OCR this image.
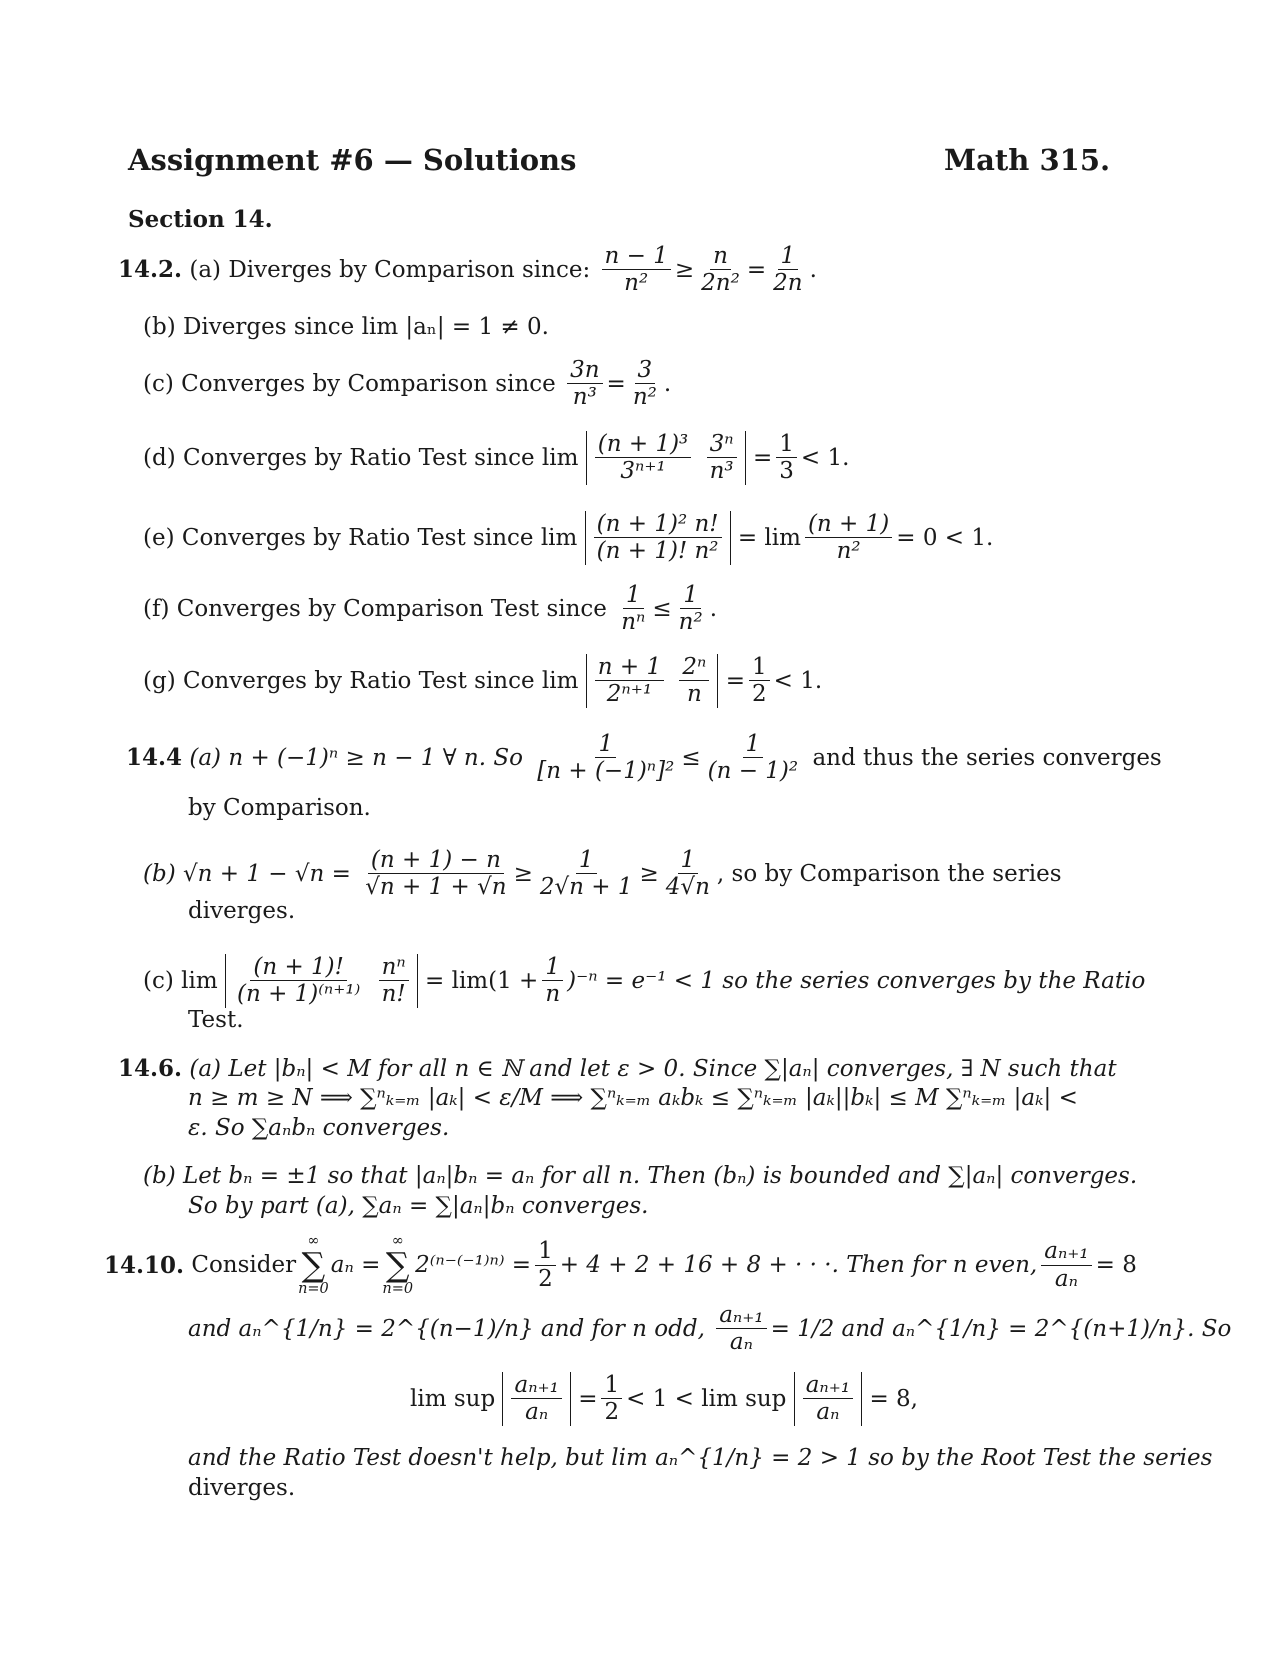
Assignment #6 — Solutions	Math 315.
Section 14.
14.2.
(a) Diverges by Comparison since:
$\frac{n - 1}{\text{n²}} \ge \frac{n}{\text{2n²}} = \frac{1}{2n}$ .
(b) Diverges since lim |aₙ| = 1 ≠ 0.
(c) Converges by Comparison since
$\frac{3n}{\text{n³}} = \frac{3}{\text{n²}}$ .
(d) Converges by Ratio Test since lim
$\frac{\text{(n + 1)³}}{\text{3ⁿ⁺¹}}$
$\frac{\text{3ⁿ}}{\text{n³}}$
= $\frac{1}{3} < 1$.
(e) Converges by Ratio Test since lim
$\frac{\text{(n + 1)² n!}}{\text{(n + 1)! n²}}$
= $\lim \frac{(n + 1)}{\text{n²}} = 0 < 1$.
(f) Converges by Comparison Test since
$\frac{1}{\text{nⁿ}} \le \frac{1}{\text{n²}}$ .
(g) Converges by Ratio Test since lim
$\frac{n + 1}{\text{2ⁿ⁺¹}}$
$\frac{\text{2ⁿ}}{n}$
= $\frac{1}{2} < 1$.
14.4
(a) n + (−1)ⁿ ≥ n − 1 ∀ n. So
$\frac{1}{\text{[n + (−1)ⁿ]²}} \le \frac{1}{\text{(n − 1)²}}$
and thus the series converges
by Comparison.
(b) √n + 1 − √n =
$\frac{(n + 1) - n}{√n + 1 + √n} \ge \frac{1}{2√n + 1} \ge \frac{1}{4√n}$ , so by Comparison the series
diverges.
(c) lim
$\frac{(n + 1)!}{\text{(n + 1)⁽ⁿ⁺¹⁾}}$
$\frac{\text{nⁿ}}{n!}$
= $\lim(1 + \frac{1}{n} )^{-n} = e^{-1} < 1$ so the series converges by the Ratio
Test.
14.6. (a) Let |bₙ| < M for all n ∈ ℕ and let ε > 0. Since ∑|aₙ| converges, ∃ N such that
n ≥ m ≥ N ⟹ ∑ⁿₖ₌ₘ |aₖ| < ε/M ⟹ ∑ⁿₖ₌ₘ aₖbₖ ≤ ∑ⁿₖ₌ₘ |aₖ||bₖ| ≤ M ∑ⁿₖ₌ₘ |aₖ| <
ε. So ∑aₙbₙ converges.
(b) Let bₙ = ±1 so that |aₙ|bₙ = aₙ for all n. Then (bₙ) is bounded and ∑|aₙ| converges.
So by part (a), ∑aₙ = ∑|aₙ|bₙ converges.
14.10.
Consider
∞
∑
n=0
aₙ =
∞
∑
n=0
$2^{(n-(-1)n)} = \frac{1}{2} + 4 + 2 + 16 + 8$ + · · ·. Then for n even, $\frac{\text{aₙ₊₁}}{\text{aₙ}} = 8$
and aₙ^{1/n} = 2^{(n−1)/n} and for n odd,
$\frac{\text{aₙ₊₁}}{\text{aₙ}} = 1/2$ and aₙ^{1/n} = 2^{(n+1)/n}. So
lim sup
$\frac{\text{aₙ₊₁}}{\text{aₙ}}$
= $\frac{1}{2} < 1 < \lim$ sup
$\frac{\text{aₙ₊₁}}{\text{aₙ}}$
= 8,
and the Ratio Test doesn't help, but lim aₙ^{1/n} = 2 > 1 so by the Root Test the series
diverges.
